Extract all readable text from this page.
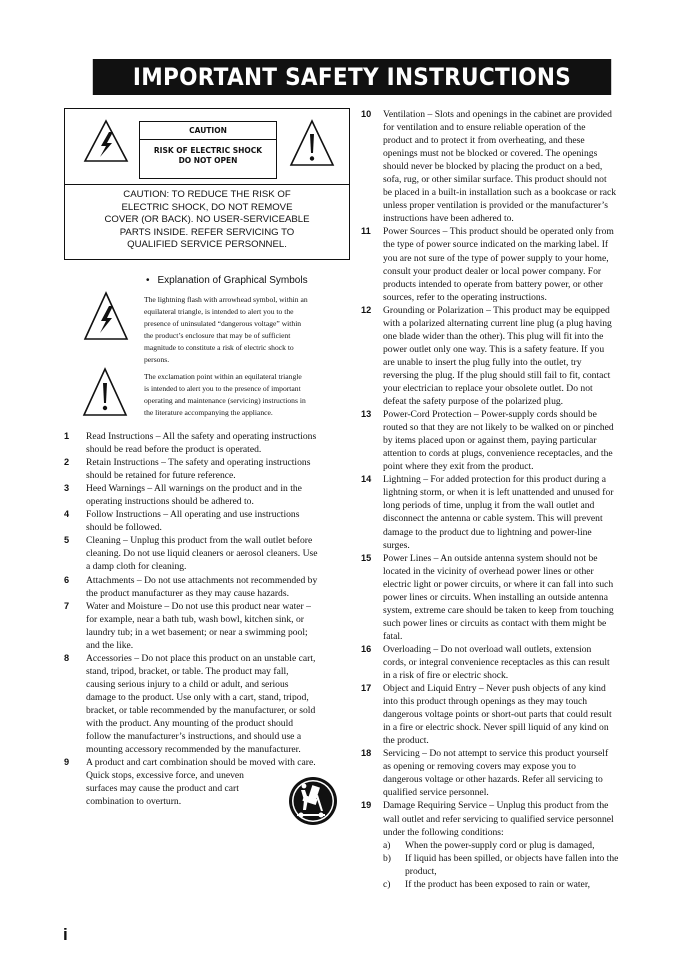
IMPORTANT SAFETY INSTRUCTIONS
CAUTION
RISK OF ELECTRIC SHOCK
DO NOT OPEN
CAUTION: TO REDUCE THE RISK OF
ELECTRIC SHOCK, DO NOT REMOVE
COVER (OR BACK). NO USER-SERVICEABLE
PARTS INSIDE. REFER SERVICING TO
QUALIFIED SERVICE PERSONNEL.
• Explanation of Graphical Symbols
The lightning flash with arrowhead symbol, within an
equilateral triangle, is intended to alert you to the
presence of uninsulated “dangerous voltage” within
the product’s enclosure that may be of sufficient
magnitude to constitute a risk of electric shock to
persons.
The exclamation point within an equilateral triangle
is intended to alert you to the presence of important
operating and maintenance (servicing) instructions in
the literature accompanying the appliance.
1 Read Instructions – All the safety and operating instructions
should be read before the product is operated.
2 Retain Instructions – The safety and operating instructions
should be retained for future reference.
3 Heed Warnings – All warnings on the product and in the
operating instructions should be adhered to.
4 Follow Instructions – All operating and use instructions
should be followed.
5 Cleaning – Unplug this product from the wall outlet before
cleaning. Do not use liquid cleaners or aerosol cleaners. Use
a damp cloth for cleaning.
6 Attachments – Do not use attachments not recommended by
the product manufacturer as they may cause hazards.
7 Water and Moisture – Do not use this product near water –
for example, near a bath tub, wash bowl, kitchen sink, or
laundry tub; in a wet basement; or near a swimming pool;
and the like.
8 Accessories – Do not place this product on an unstable cart,
stand, tripod, bracket, or table. The product may fall,
causing serious injury to a child or adult, and serious
damage to the product. Use only with a cart, stand, tripod,
bracket, or table recommended by the manufacturer, or sold
with the product. Any mounting of the product should
follow the manufacturer’s instructions, and should use a
mounting accessory recommended by the manufacturer.
9 A product and cart combination should be moved with care.
Quick stops, excessive force, and uneven
surfaces may cause the product and cart
combination to overturn.
10 Ventilation – Slots and openings in the cabinet are provided
for ventilation and to ensure reliable operation of the
product and to protect it from overheating, and these
openings must not be blocked or covered. The openings
should never be blocked by placing the product on a bed,
sofa, rug, or other similar surface. This product should not
be placed in a built-in installation such as a bookcase or rack
unless proper ventilation is provided or the manufacturer’s
instructions have been adhered to.
11 Power Sources – This product should be operated only from
the type of power source indicated on the marking label. If
you are not sure of the type of power supply to your home,
consult your product dealer or local power company. For
products intended to operate from battery power, or other
sources, refer to the operating instructions.
12 Grounding or Polarization – This product may be equipped
with a polarized alternating current line plug (a plug having
one blade wider than the other). This plug will fit into the
power outlet only one way. This is a safety feature. If you
are unable to insert the plug fully into the outlet, try
reversing the plug. If the plug should still fail to fit, contact
your electrician to replace your obsolete outlet. Do not
defeat the safety purpose of the polarized plug.
13 Power-Cord Protection – Power-supply cords should be
routed so that they are not likely to be walked on or pinched
by items placed upon or against them, paying particular
attention to cords at plugs, convenience receptacles, and the
point where they exit from the product.
14 Lightning – For added protection for this product during a
lightning storm, or when it is left unattended and unused for
long periods of time, unplug it from the wall outlet and
disconnect the antenna or cable system. This will prevent
damage to the product due to lightning and power-line
surges.
15 Power Lines – An outside antenna system should not be
located in the vicinity of overhead power lines or other
electric light or power circuits, or where it can fall into such
power lines or circuits. When installing an outside antenna
system, extreme care should be taken to keep from touching
such power lines or circuits as contact with them might be
fatal.
16 Overloading – Do not overload wall outlets, extension
cords, or integral convenience receptacles as this can result
in a risk of fire or electric shock.
17 Object and Liquid Entry – Never push objects of any kind
into this product through openings as they may touch
dangerous voltage points or short-out parts that could result
in a fire or electric shock. Never spill liquid of any kind on
the product.
18 Servicing – Do not attempt to service this product yourself
as opening or removing covers may expose you to
dangerous voltage or other hazards. Refer all servicing to
qualified service personnel.
19 Damage Requiring Service – Unplug this product from the
wall outlet and refer servicing to qualified service personnel
under the following conditions:
a) When the power-supply cord or plug is damaged,
b) If liquid has been spilled, or objects have fallen into the
product,
c) If the product has been exposed to rain or water,
i
